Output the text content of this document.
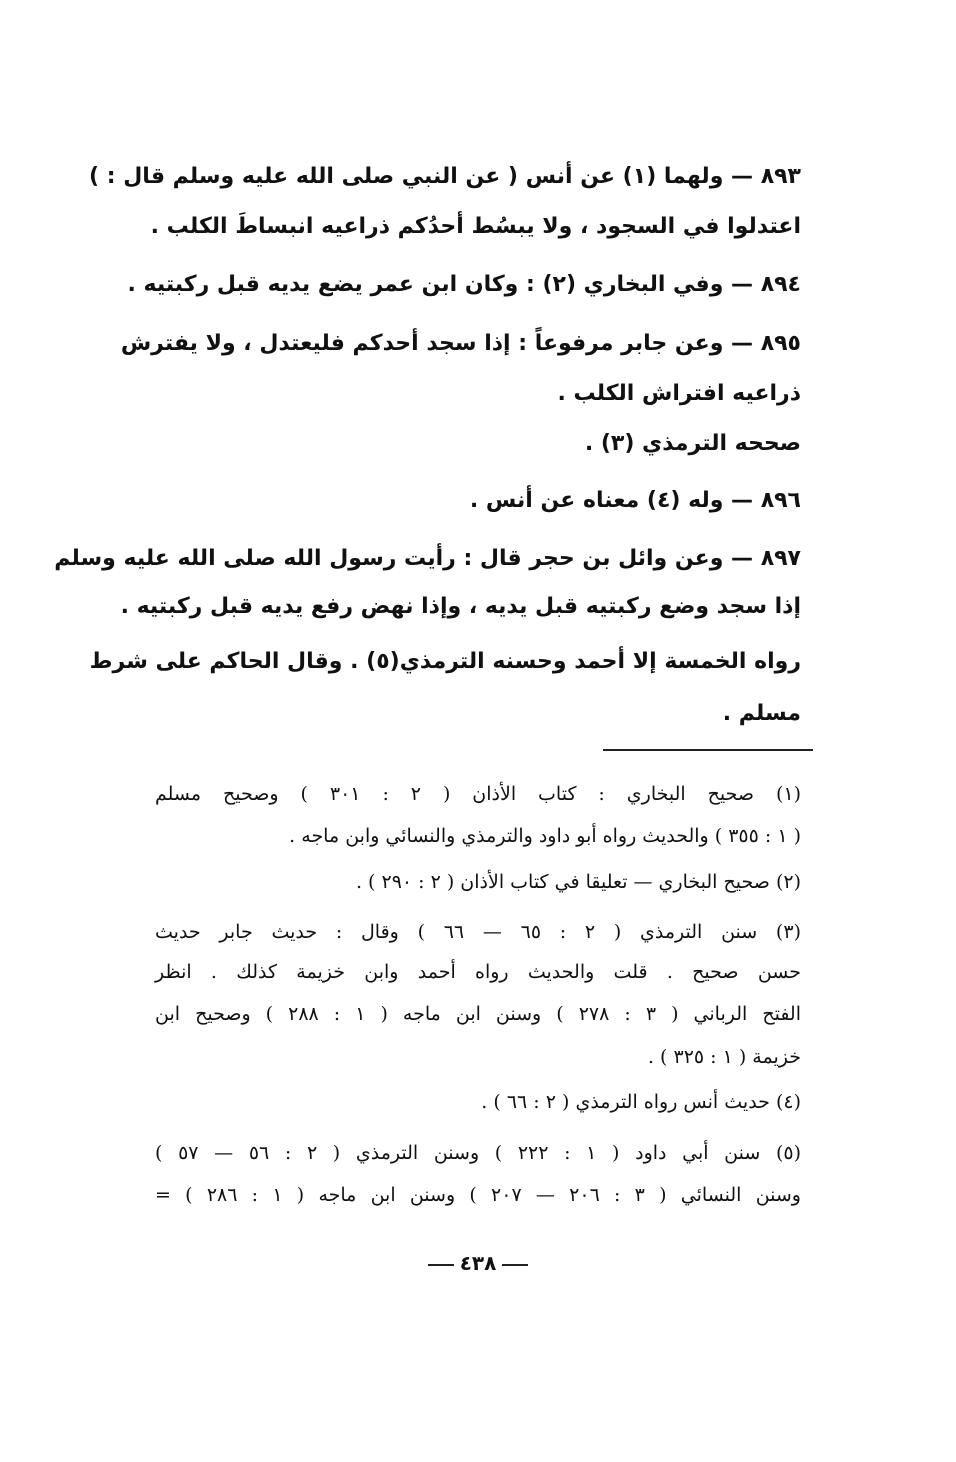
٨٩٣ — ولهما (١) عن أنس ( عن النبي صلى الله عليه وسلم قال : )
اعتدلوا في السجود ، ولا يبسُط أحدُكم ذراعيه انبساطَ الكلب .
٨٩٤ — وفي البخاري (٢) : وكان ابن عمر يضع يديه قبل ركبتيه .
٨٩٥ — وعن جابر مرفوعاً : إذا سجد أحدكم فليعتدل ، ولا يفترش
ذراعيه افتراش الكلب .
صححه الترمذي (٣) .
٨٩٦ — وله (٤) معناه عن أنس .
٨٩٧ — وعن وائل بن حجر قال : رأيت رسول الله صلى الله عليه وسلم
إذا سجد وضع ركبتيه قبل يديه ، وإذا نهض رفع يديه قبل ركبتيه .
رواه الخمسة إلا أحمد وحسنه الترمذي(٥) . وقال الحاكم على شرط
مسلم .
(١) صحيح البخاري : كتاب الأذان ( ٢ : ٣٠١ ) وصحيح مسلم
( ١ : ٣٥٥ ) والحديث رواه أبو داود والترمذي والنسائي وابن ماجه .
(٢) صحيح البخاري — تعليقا في كتاب الأذان ( ٢ : ٢٩٠ ) .
(٣) سنن الترمذي ( ٢ : ٦٥ — ٦٦ ) وقال : حديث جابر حديث
حسن صحيح . قلت والحديث رواه أحمد وابن خزيمة كذلك . انظر
الفتح الرباني ( ٣ : ٢٧٨ ) وسنن ابن ماجه ( ١ : ٢٨٨ ) وصحيح ابن
خزيمة ( ١ : ٣٢٥ ) .
(٤) حديث أنس رواه الترمذي ( ٢ : ٦٦ ) .
(٥) سنن أبي داود ( ١ : ٢٢٢ ) وسنن الترمذي ( ٢ : ٥٦ — ٥٧ )
وسنن النسائي ( ٣ : ٢٠٦ — ٢٠٧ ) وسنن ابن ماجه ( ١ : ٢٨٦ ) =
٤٣٨
